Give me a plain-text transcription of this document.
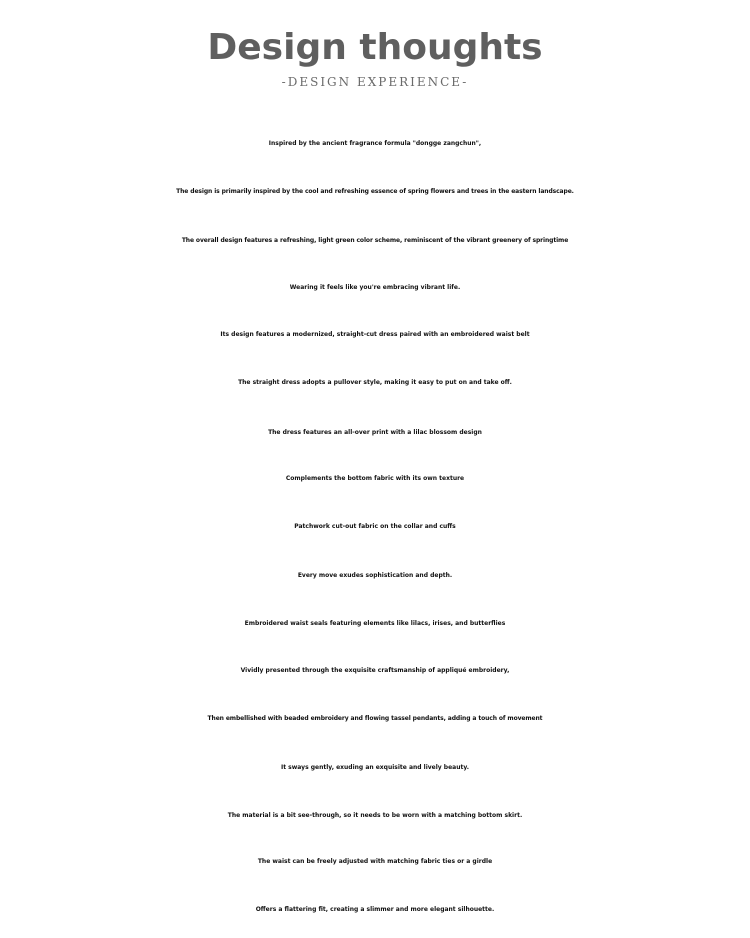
Design thoughts
-DESIGN EXPERIENCE-
Inspired by the ancient fragrance formula "dongge zangchun",
The design is primarily inspired by the cool and refreshing essence of spring flowers and trees in the eastern landscape.
The overall design features a refreshing, light green color scheme, reminiscent of the vibrant greenery of springtime
Wearing it feels like you're embracing vibrant life.
Its design features a modernized, straight-cut dress paired with an embroidered waist belt
The straight dress adopts a pullover style, making it easy to put on and take off.
The dress features an all-over print with a lilac blossom design
Complements the bottom fabric with its own texture
Patchwork cut-out fabric on the collar and cuffs
Every move exudes sophistication and depth.
Embroidered waist seals featuring elements like lilacs, irises, and butterflies
Vividly presented through the exquisite craftsmanship of appliqué embroidery,
Then embellished with beaded embroidery and flowing tassel pendants, adding a touch of movement
It sways gently, exuding an exquisite and lively beauty.
The material is a bit see-through, so it needs to be worn with a matching bottom skirt.
The waist can be freely adjusted with matching fabric ties or a girdle
Offers a flattering fit, creating a slimmer and more elegant silhouette.
